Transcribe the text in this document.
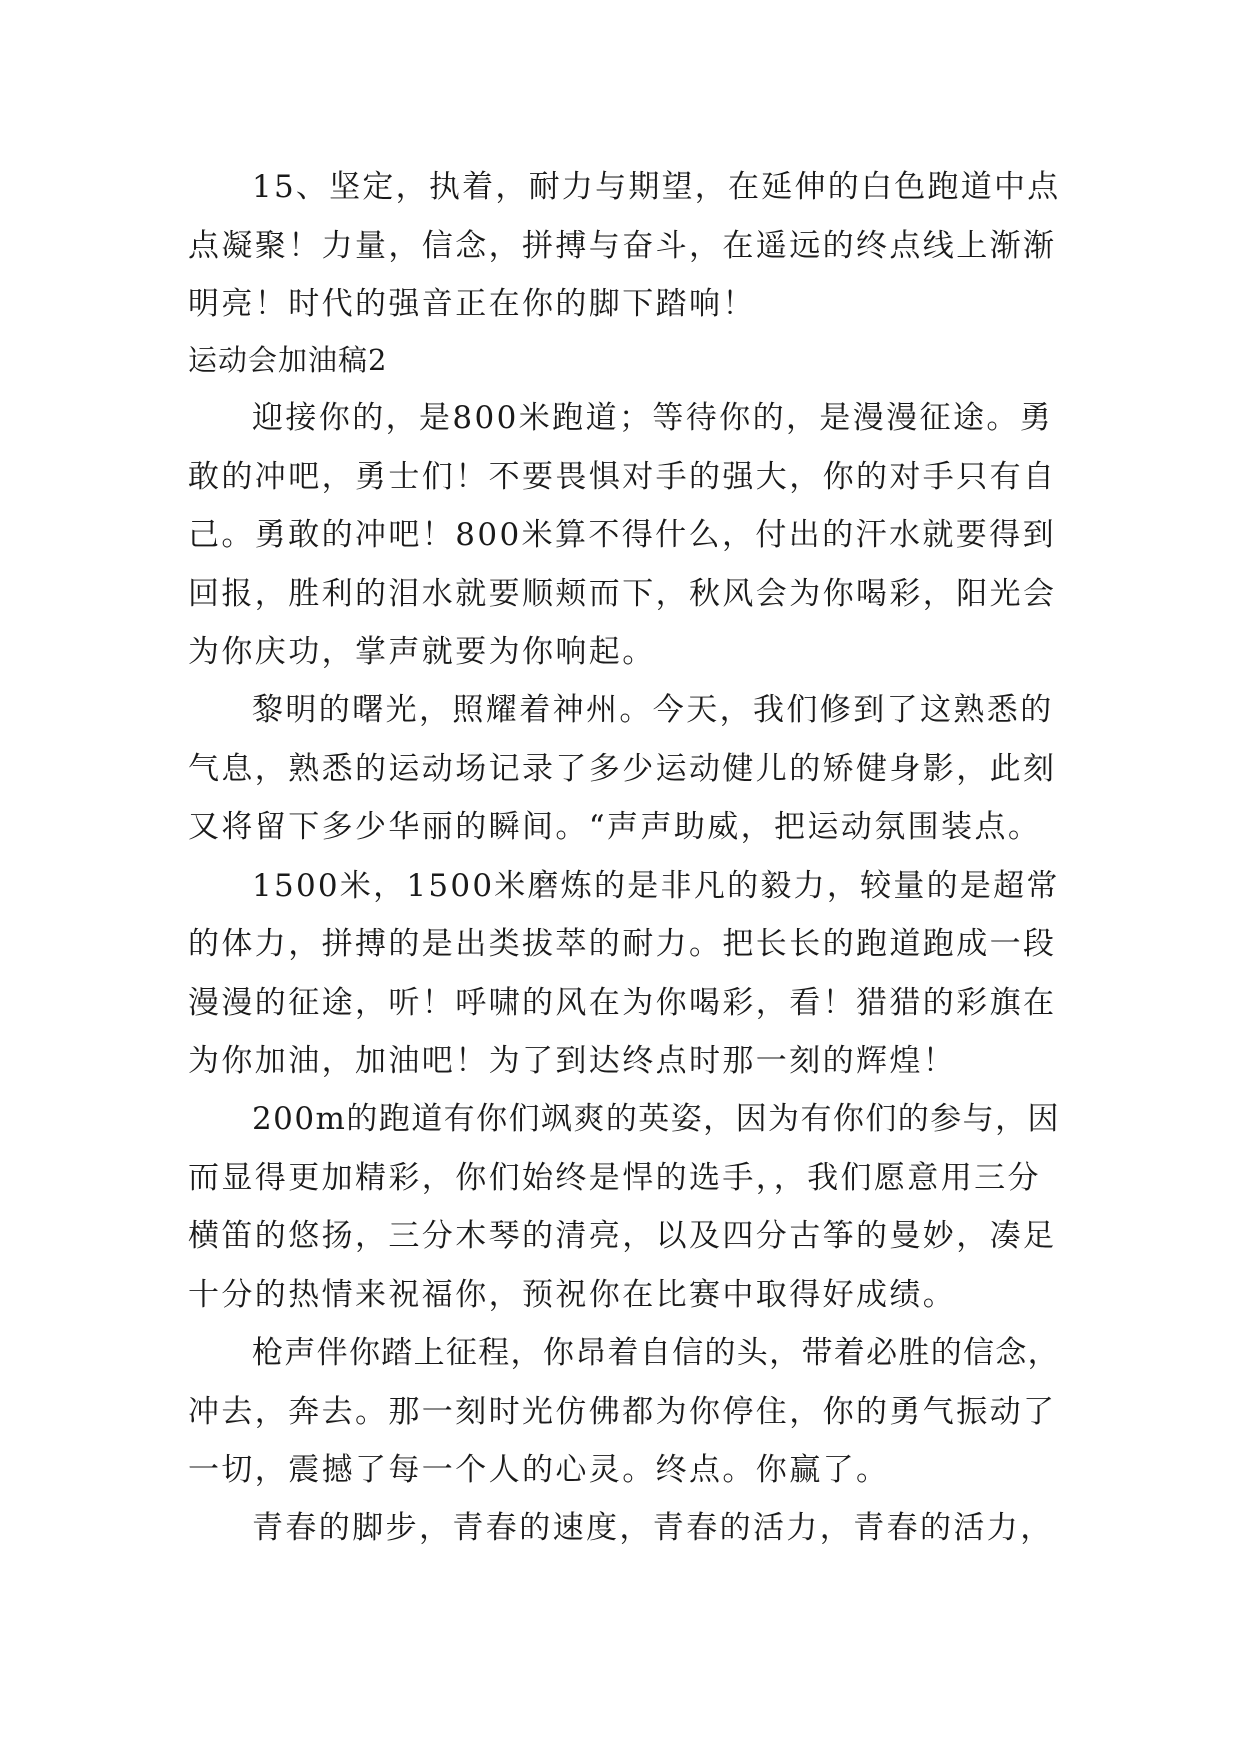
15、坚定，执着，耐力与期望，在延伸的白色跑道中点
点凝聚！力量，信念，拼搏与奋斗，在遥远的终点线上渐渐
明亮！时代的强音正在你的脚下踏响！
运动会加油稿2
迎接你的，是800米跑道；等待你的，是漫漫征途。勇
敢的冲吧，勇士们！不要畏惧对手的强大，你的对手只有自
己。勇敢的冲吧！800米算不得什么，付出的汗水就要得到
回报，胜利的泪水就要顺颊而下，秋风会为你喝彩，阳光会
为你庆功，掌声就要为你响起。
黎明的曙光，照耀着神州。今天，我们修到了这熟悉的
气息，熟悉的运动场记录了多少运动健儿的矫健身影，此刻
又将留下多少华丽的瞬间。“声声助威，把运动氛围装点。
1500米，1500米磨炼的是非凡的毅力，较量的是超常
的体力，拼搏的是出类拔萃的耐力。把长长的跑道跑成一段
漫漫的征途，听！呼啸的风在为你喝彩，看！猎猎的彩旗在
为你加油，加油吧！为了到达终点时那一刻的辉煌！
200m的跑道有你们飒爽的英姿，因为有你们的参与，因
而显得更加精彩，你们始终是悍的选手，，我们愿意用三分
横笛的悠扬，三分木琴的清亮，以及四分古筝的曼妙，凑足
十分的热情来祝福你，预祝你在比赛中取得好成绩。
枪声伴你踏上征程，你昂着自信的头，带着必胜的信念，
冲去，奔去。那一刻时光仿佛都为你停住，你的勇气振动了
一切，震撼了每一个人的心灵。终点。你赢了。
青春的脚步，青春的速度，青春的活力，青春的活力，
